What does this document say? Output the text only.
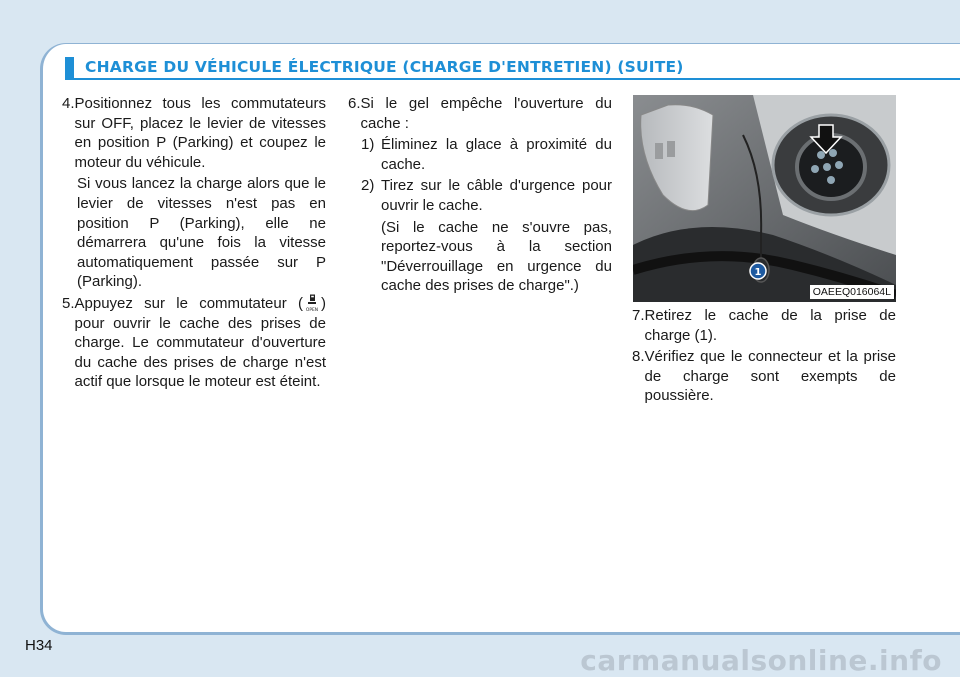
CHARGE DU VÉHICULE ÉLECTRIQUE (CHARGE D'ENTRETIEN) (SUITE)
4. Positionnez tous les commutateurs sur OFF, placez le levier de vitesses en position P (Parking) et coupez le moteur du véhicule.
Si vous lancez la charge alors que le levier de vitesses n'est pas en position P (Parking), elle ne démarrera qu'une fois la vitesse automatiquement passée sur P (Parking).
5. Appuyez sur le commutateur ( OPEN ) pour ouvrir le cache des prises de charge. Le commutateur d'ouverture du cache des prises de charge n'est actif que lorsque le moteur est éteint.
6. Si le gel empêche l'ouverture du cache :
1) Éliminez la glace à proximité du cache.
2) Tirez sur le câble d'urgence pour ouvrir le cache.
(Si le cache ne s'ouvre pas, reportez-vous à la section "Déverrouillage en urgence du cache des prises de charge".)
1
OAEEQ016064L
7. Retirez le cache de la prise de charge (1).
8. Vérifiez que le connecteur et la prise de charge sont exempts de poussière.
H34	carmanualsonline.info
